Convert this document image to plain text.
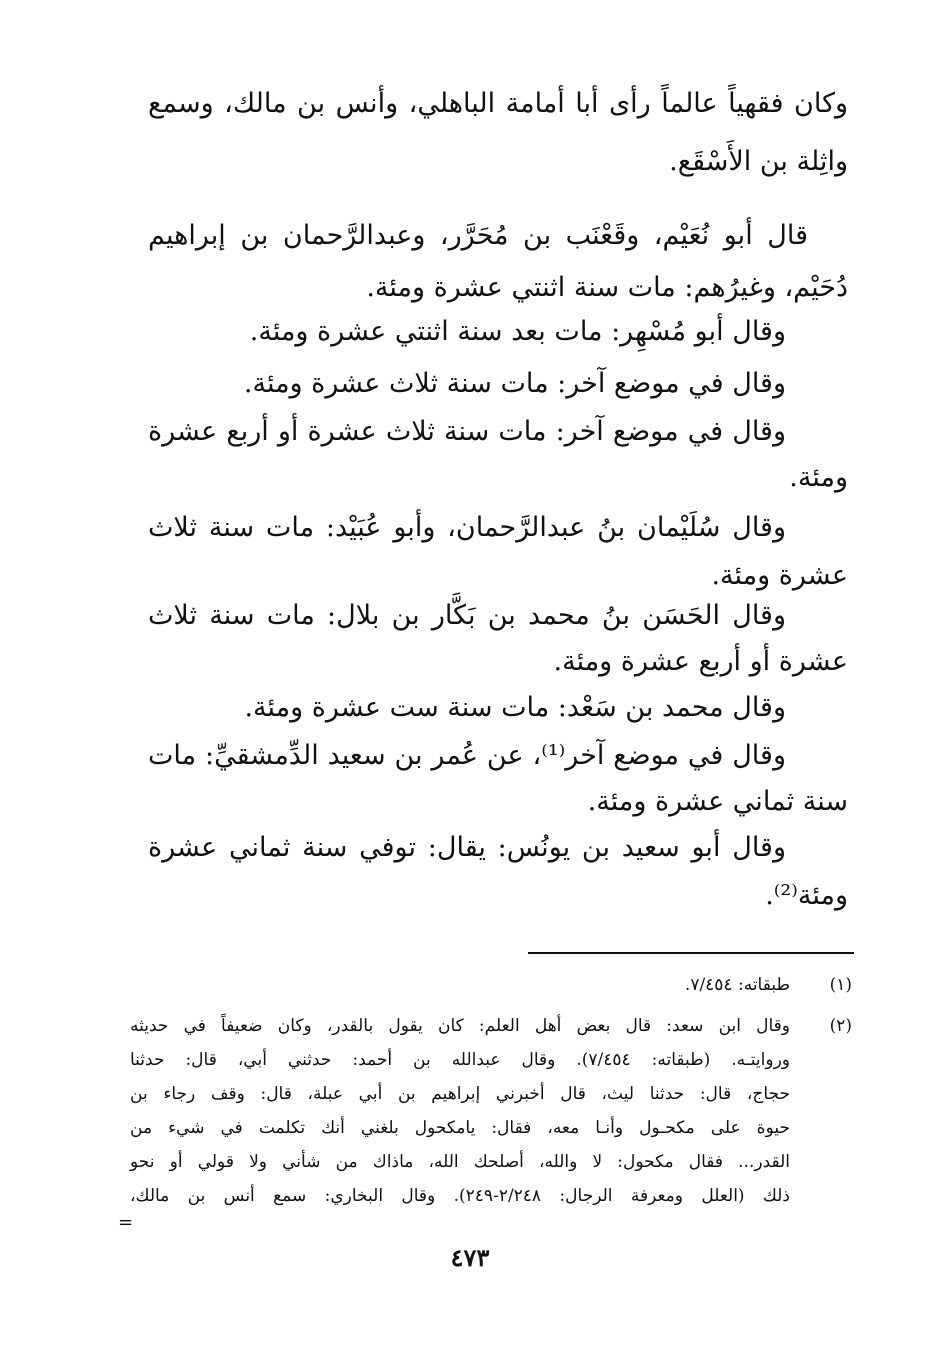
وكان فقهياً عالماً رأى أبا أمامة الباهلي، وأنس بن مالك، وسمع
واثِلة بن الأَسْقَع.
قال أبو نُعَيْم، وقَعْنَب بن مُحَرَّر، وعبدالرَّحمان بن إبراهيم
دُحَيْم، وغيرُهم: مات سنة اثنتي عشرة ومئة.
وقال أبو مُسْهِر: مات بعد سنة اثنتي عشرة ومئة.
وقال في موضع آخر: مات سنة ثلاث عشرة ومئة.
وقال في موضع آخر: مات سنة ثلاث عشرة أو أربع عشرة
ومئة.
وقال سُلَيْمان بنُ عبدالرَّحمان، وأبو عُبَيْد: مات سنة ثلاث
عشرة ومئة.
وقال الحَسَن بنُ محمد بن بَكَّار بن بلال: مات سنة ثلاث
عشرة أو أربع عشرة ومئة.
وقال محمد بن سَعْد: مات سنة ست عشرة ومئة.
وقال في موضع آخر⁽¹⁾، عن عُمر بن سعيد الدِّمشقيِّ: مات
سنة ثماني عشرة ومئة.
وقال أبو سعيد بن يونُس: يقال: توفي سنة ثماني عشرة
ومئة⁽²⁾.
(١)
طبقاته: ٧/٤٥٤.
(٢)
وقال ابن سعد: قال بعض أهل العلم: كان يقول بالقدر، وكان ضعيفاً في حديثه
وروايتـه. (طبقاته: ٧/٤٥٤). وقال عبدالله بن أحمد: حدثني أبي، قال: حدثنا
حجاج، قال: حدثنا ليث، قال أخبرني إبراهيم بن أبي عبلة، قال: وقف رجاء بن
حيوة على مكحـول وأنـا معه، فقال: يامكحول بلغني أنك تكلمت في شيء من
القدر... فقال مكحول: لا والله، أصلحك الله، ماذاك من شأني ولا قولي أو نحو
ذلك (العلل ومعرفة الرجال: ٢/٢٤٨-٢٤٩). وقال البخاري: سمع أنس بن مالك،
=
٤٧٣
